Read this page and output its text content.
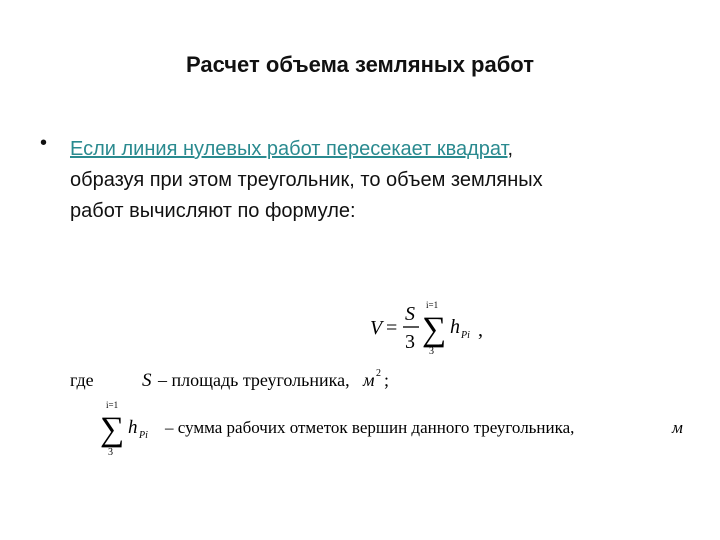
Расчет объема земляных работ
• Если линия нулевых работ пересекает квадрат,
образуя при этом треугольник, то объем земляных
работ вычисляют по формуле:
V =
S
3
i=1
∑
3
h Pi ,
где	S – площадь треугольника, м 2 ;
i=1
∑
3
h Pi – сумма рабочих отметок вершин данного треугольника,	м
